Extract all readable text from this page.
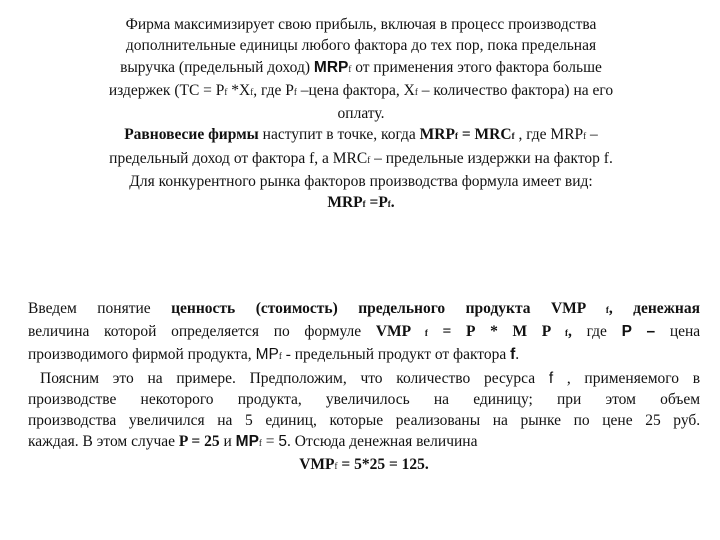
Фирма максимизирует свою прибыль, включая в процесс производства
дополнительные единицы любого фактора до тех пор, пока предельная
выручка (предельный доход) MRPf от применения этого фактора больше
издержек (ТС = Рf *Xf, где Рf –цена фактора, Хf – количество фактора) на его
оплату.
Равновесие фирмы наступит в точке, когда MRPf = MRCf , где MRPf –
предельный доход от фактора f, а MRCf – предельные издержки на фактор f.
Для конкурентного рынка факторов производства формула имеет вид:
MRPf =Pf.
Введем понятие ценность (стоимость) предельного продукта VMP f, денежная
величина которой определяется по формуле VMP f = P * M P f, где P – цена
производимого фирмой продукта, MPf - предельный продукт от фактора f.
Поясним это на примере. Предположим, что количество ресурса f , применяемого в
производстве некоторого продукта, увеличилось на единицу; при этом объем
производства увеличился на 5 единиц, которые реализованы на рынке по цене 25 руб.
каждая. В этом случае P = 25 и MPf = 5. Отсюда денежная величина
VMPf = 5*25 = 125.
